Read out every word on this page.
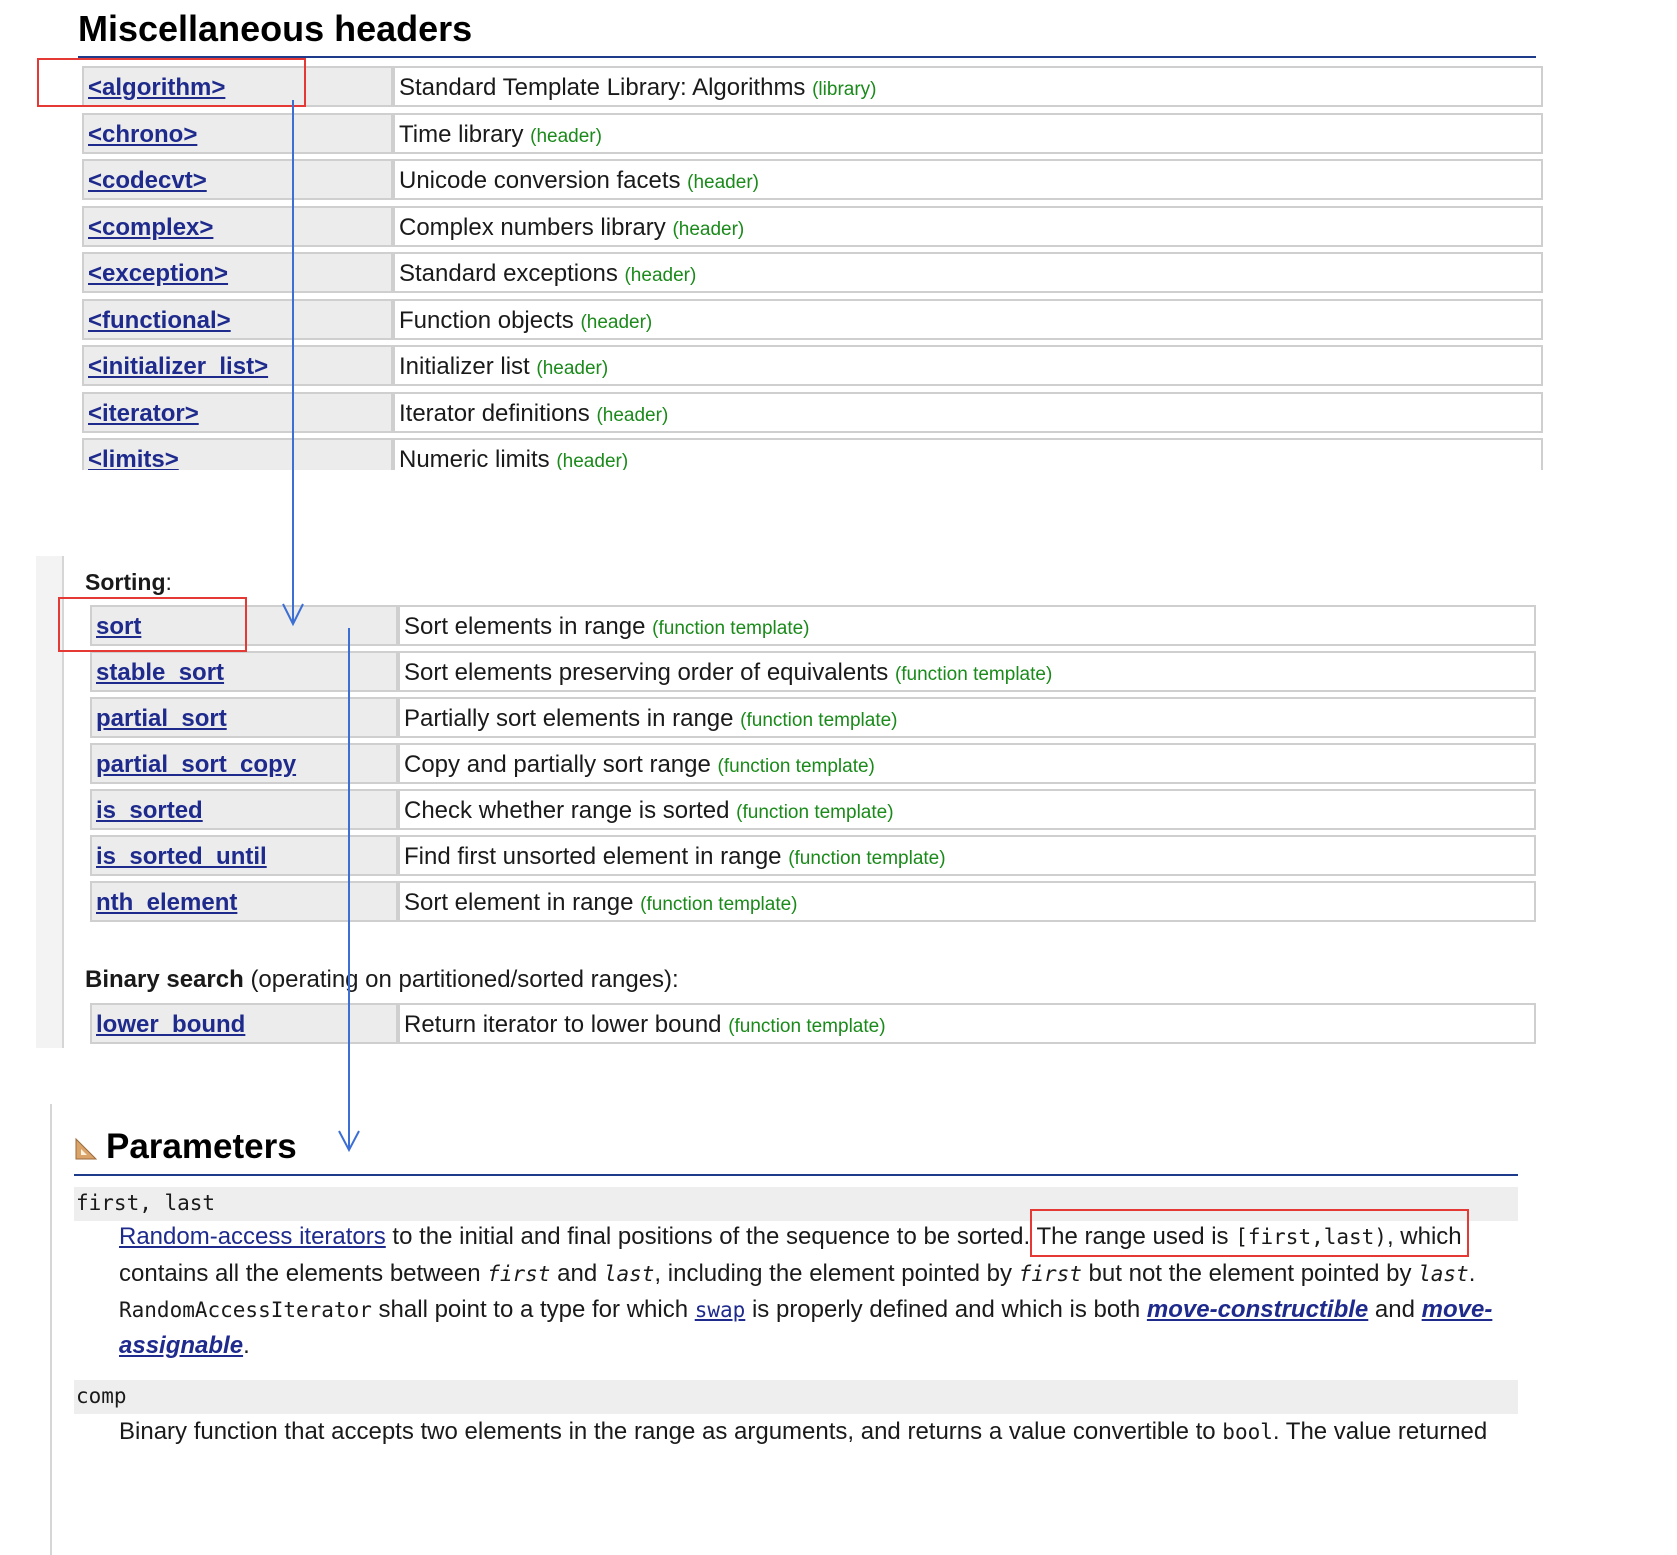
Miscellaneous headers
<algorithm>	Standard Template Library: Algorithms (library)
<chrono>	Time library (header)
<codecvt>	Unicode conversion facets (header)
<complex>	Complex numbers library (header)
<exception>	Standard exceptions (header)
<functional>	Function objects (header)
<initializer_list>	Initializer list (header)
<iterator>	Iterator definitions (header)
<limits>	Numeric limits (header)
Sorting:
sort	Sort elements in range (function template)
stable_sort	Sort elements preserving order of equivalents (function template)
partial_sort	Partially sort elements in range (function template)
partial_sort_copy	Copy and partially sort range (function template)
is_sorted	Check whether range is sorted (function template)
is_sorted_until	Find first unsorted element in range (function template)
nth_element	Sort element in range (function template)
Binary search (operating on partitioned/sorted ranges):
lower_bound	Return iterator to lower bound (function template)
Parameters
first, last
Random-access iterators to the initial and final positions of the sequence to be sorted. The range used is [first,last), which
contains all the elements between first and last, including the element pointed by first but not the element pointed by last.
RandomAccessIterator shall point to a type for which swap is properly defined and which is both move-constructible and move-
assignable.
comp
Binary function that accepts two elements in the range as arguments, and returns a value convertible to bool. The value returned
